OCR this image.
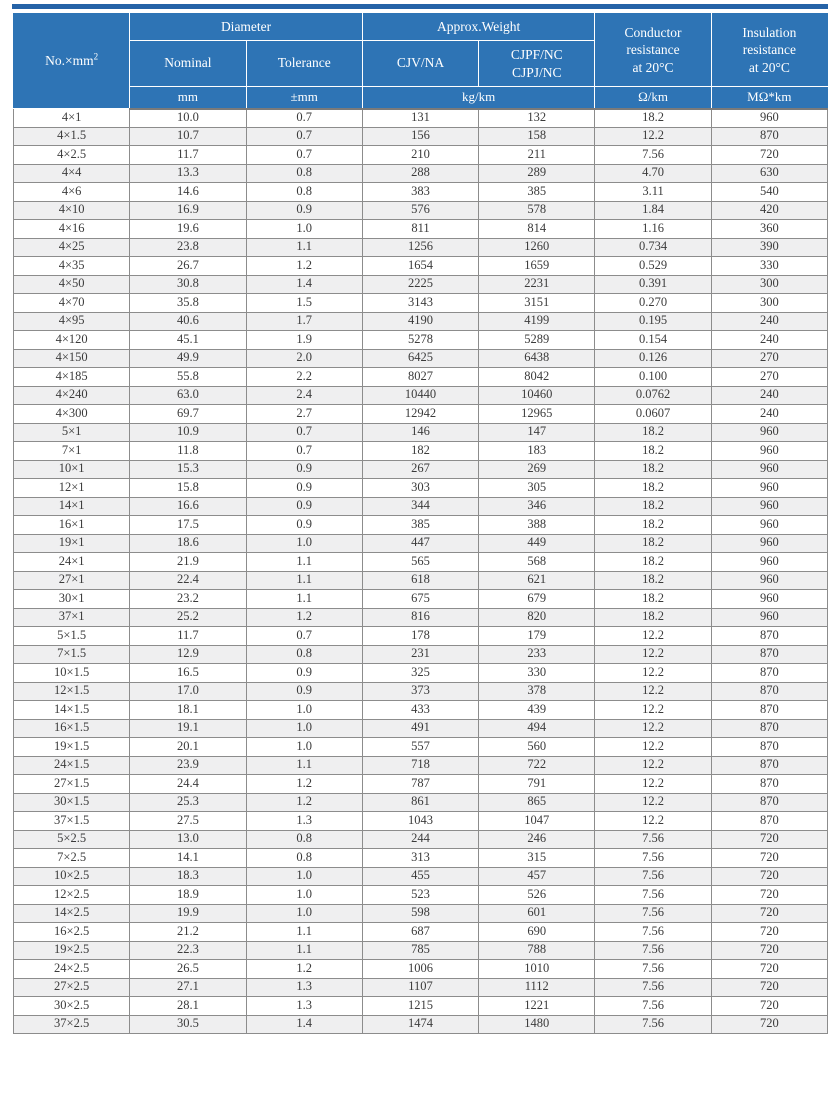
$No.\times mm^2$	Diameter		Approx.Weight		Conductor
resistance
at 20°C	Insulation
resistance
at 20°C

	Nominal	Tolerance	CJV/NA	CJPF/NC
CJPJ/NC		

	mm	±mm	kg/km		Ω/km	MΩ*km
4×1	10.0	0.7	131	132	18.2	960
4×1.5	10.7	0.7	156	158	12.2	870
4×2.5	11.7	0.7	210	211	7.56	720
4×4	13.3	0.8	288	289	4.70	630
4×6	14.6	0.8	383	385	3.11	540
4×10	16.9	0.9	576	578	1.84	420
4×16	19.6	1.0	811	814	1.16	360
4×25	23.8	1.1	1256	1260	0.734	390
4×35	26.7	1.2	1654	1659	0.529	330
4×50	30.8	1.4	2225	2231	0.391	300
4×70	35.8	1.5	3143	3151	0.270	300
4×95	40.6	1.7	4190	4199	0.195	240
4×120	45.1	1.9	5278	5289	0.154	240
4×150	49.9	2.0	6425	6438	0.126	270
4×185	55.8	2.2	8027	8042	0.100	270
4×240	63.0	2.4	10440	10460	0.0762	240
4×300	69.7	2.7	12942	12965	0.0607	240
5×1	10.9	0.7	146	147	18.2	960
7×1	11.8	0.7	182	183	18.2	960
10×1	15.3	0.9	267	269	18.2	960
12×1	15.8	0.9	303	305	18.2	960
14×1	16.6	0.9	344	346	18.2	960
16×1	17.5	0.9	385	388	18.2	960
19×1	18.6	1.0	447	449	18.2	960
24×1	21.9	1.1	565	568	18.2	960
27×1	22.4	1.1	618	621	18.2	960
30×1	23.2	1.1	675	679	18.2	960
37×1	25.2	1.2	816	820	18.2	960
5×1.5	11.7	0.7	178	179	12.2	870
7×1.5	12.9	0.8	231	233	12.2	870
10×1.5	16.5	0.9	325	330	12.2	870
12×1.5	17.0	0.9	373	378	12.2	870
14×1.5	18.1	1.0	433	439	12.2	870
16×1.5	19.1	1.0	491	494	12.2	870
19×1.5	20.1	1.0	557	560	12.2	870
24×1.5	23.9	1.1	718	722	12.2	870
27×1.5	24.4	1.2	787	791	12.2	870
30×1.5	25.3	1.2	861	865	12.2	870
37×1.5	27.5	1.3	1043	1047	12.2	870
5×2.5	13.0	0.8	244	246	7.56	720
7×2.5	14.1	0.8	313	315	7.56	720
10×2.5	18.3	1.0	455	457	7.56	720
12×2.5	18.9	1.0	523	526	7.56	720
14×2.5	19.9	1.0	598	601	7.56	720
16×2.5	21.2	1.1	687	690	7.56	720
19×2.5	22.3	1.1	785	788	7.56	720
24×2.5	26.5	1.2	1006	1010	7.56	720
27×2.5	27.1	1.3	1107	1112	7.56	720
30×2.5	28.1	1.3	1215	1221	7.56	720
37×2.5	30.5	1.4	1474	1480	7.56	720
